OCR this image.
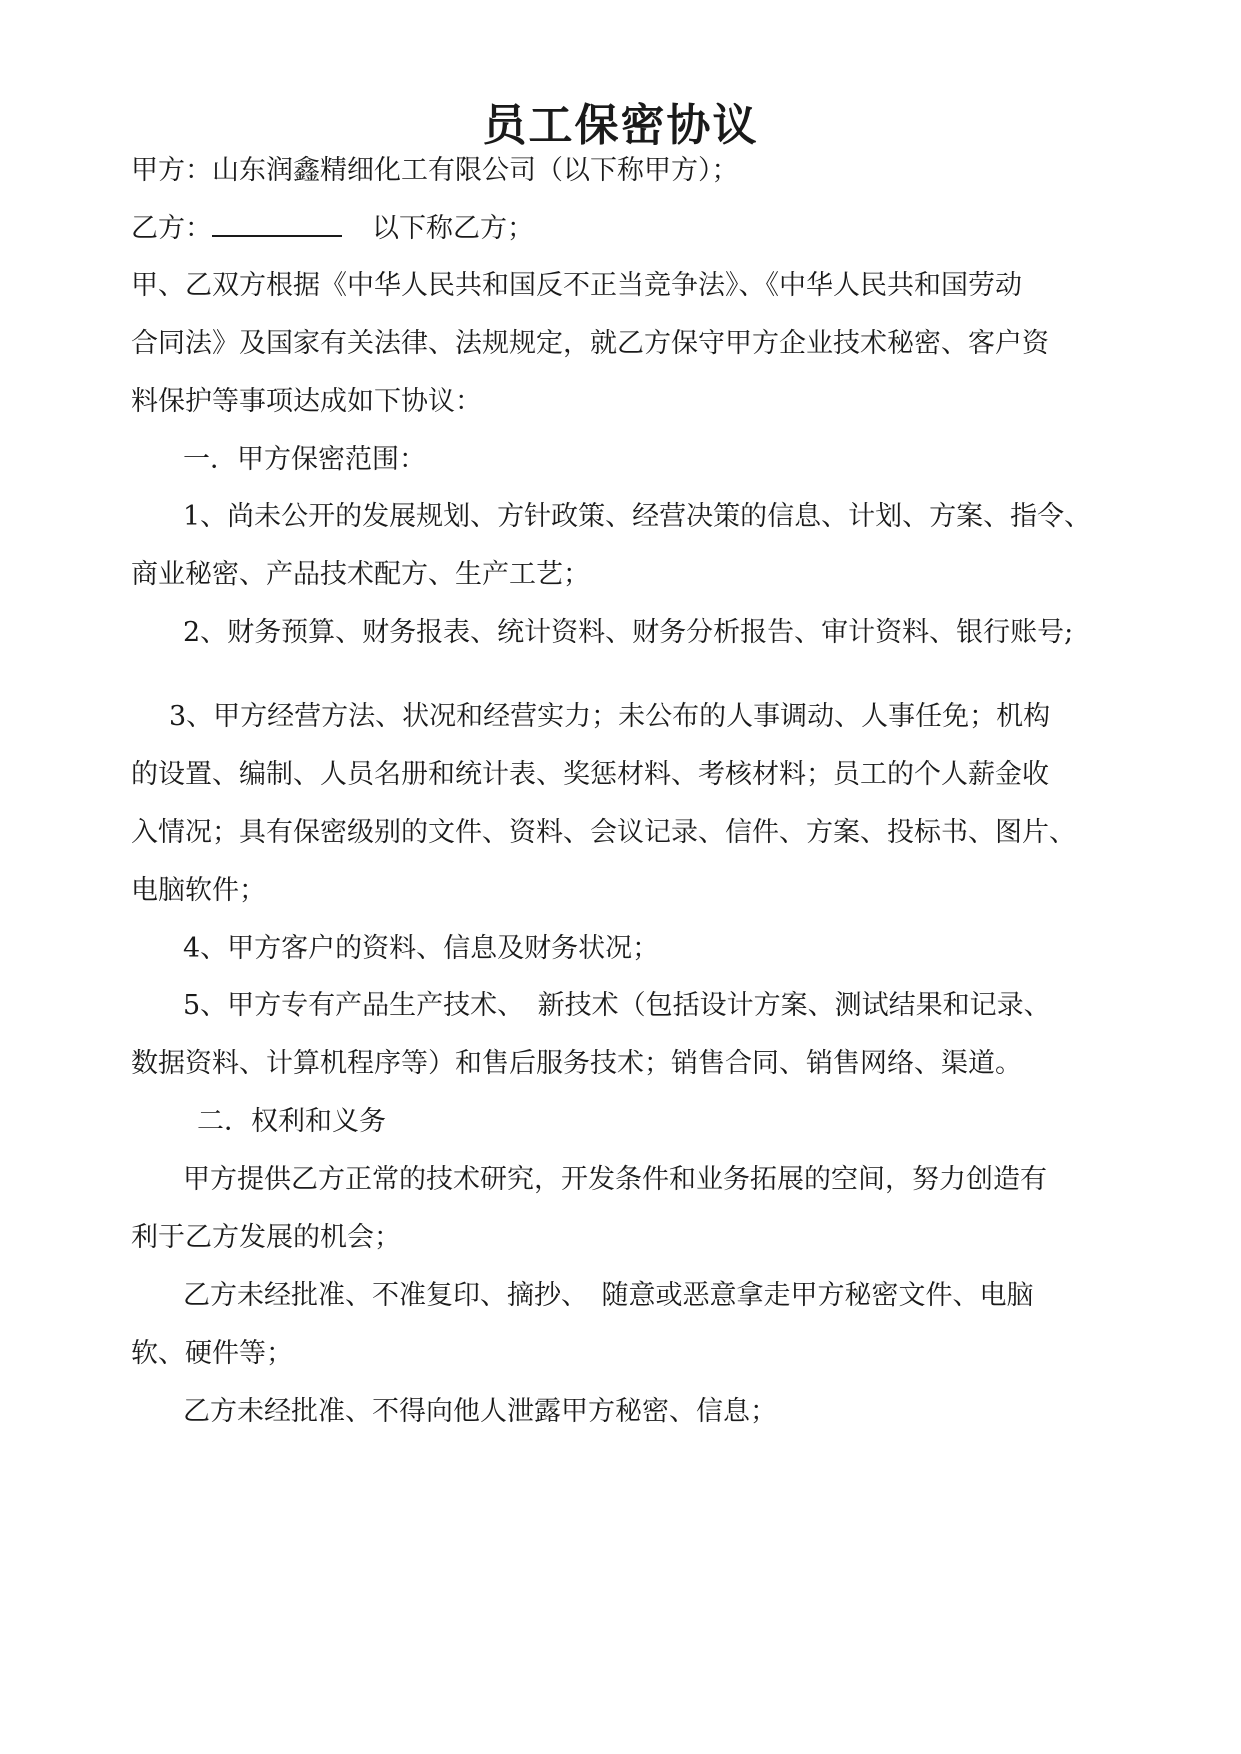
员工保密协议

甲方：山东润鑫精细化工有限公司（以下称甲方）；

乙方：	以下称乙方；

甲、乙双方根据《中华人民共和国反不正当竞争法》、《中华人民共和国劳动

合同法》及国家有关法律、法规规定，就乙方保守甲方企业技术秘密、客户资

料保护等事项达成如下协议：

一．甲方保密范围：

1、尚未公开的发展规划、方针政策、经营决策的信息、计划、方案、指令、

商业秘密、产品技术配方、生产工艺；

2、财务预算、财务报表、统计资料、财务分析报告、审计资料、银行账号;

3、甲方经营方法、状况和经营实力；未公布的人事调动、人事任免；机构

的设置、编制、人员名册和统计表、奖惩材料、考核材料；员工的个人薪金收

入情况；具有保密级别的文件、资料、会议记录、信件、方案、投标书、图片、

电脑软件；

4、甲方客户的资料、信息及财务状况；

5、甲方专有产品生产技术、　新技术（包括设计方案、测试结果和记录、

数据资料、计算机程序等）和售后服务技术；销售合同、销售网络、渠道。

二．权利和义务

甲方提供乙方正常的技术研究，开发条件和业务拓展的空间，努力创造有

利于乙方发展的机会；

乙方未经批准、不准复印、摘抄、　随意或恶意拿走甲方秘密文件、电脑

软、硬件等；

乙方未经批准、不得向他人泄露甲方秘密、信息；
